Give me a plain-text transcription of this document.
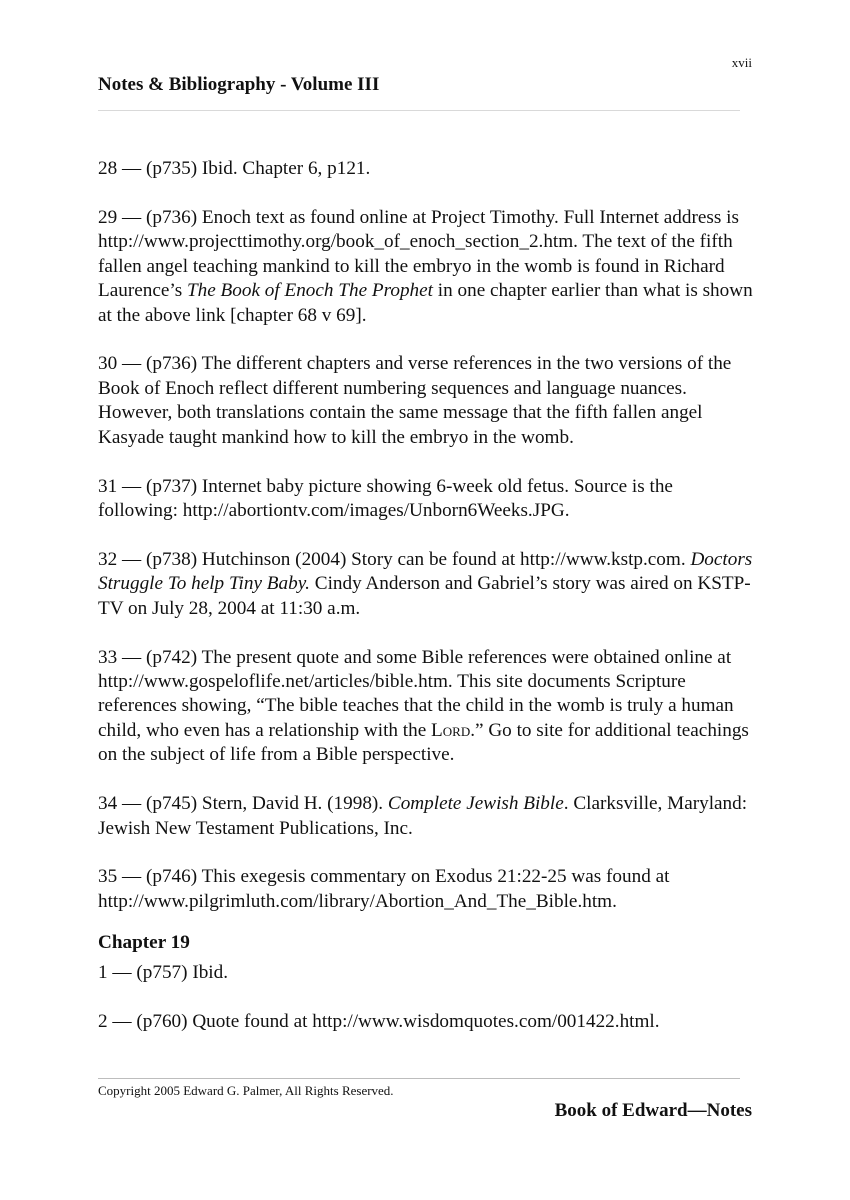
xvii
Notes & Bibliography - Volume III

28 — (p735) Ibid. Chapter 6, p121.

29 — (p736) Enoch text as found online at Project Timothy. Full Internet address is http://www.projecttimothy.org/book_of_enoch_section_2.htm. The text of the fifth fallen angel teaching mankind to kill the embryo in the womb is found in Richard Laurence’s The Book of Enoch The Prophet in one chapter earlier than what is shown at the above link [chapter 68 v 69].

30 — (p736) The different chapters and verse references in the two versions of the Book of Enoch reflect different numbering sequences and language nuances. However, both translations contain the same message that the fifth fallen angel Kasyade taught mankind how to kill the embryo in the womb.

31 — (p737) Internet baby picture showing 6-week old fetus. Source is the following: http://abortiontv.com/images/Unborn6Weeks.JPG.

32 — (p738) Hutchinson (2004) Story can be found at http://www.kstp.com. Doctors Struggle To help Tiny Baby. Cindy Anderson and Gabriel’s story was aired on KSTP-TV on July 28, 2004 at 11:30 a.m.

33 — (p742) The present quote and some Bible references were obtained online at http://www.gospeloflife.net/articles/bible.htm. This site documents Scripture references showing, “The bible teaches that the child in the womb is truly a human child, who even has a relationship with the Lord.” Go to site for additional teachings on the subject of life from a Bible perspective.

34 — (p745) Stern, David H. (1998). Complete Jewish Bible. Clarksville, Maryland: Jewish New Testament Publications, Inc.

35 — (p746) This exegesis commentary on Exodus 21:22-25 was found at http://www.pilgrimluth.com/library/Abortion_And_The_Bible.htm.

Chapter 19

1 — (p757) Ibid.

2 — (p760) Quote found at http://www.wisdomquotes.com/001422.html.

Copyright 2005 Edward G. Palmer, All Rights Reserved.
Book of Edward—Notes
